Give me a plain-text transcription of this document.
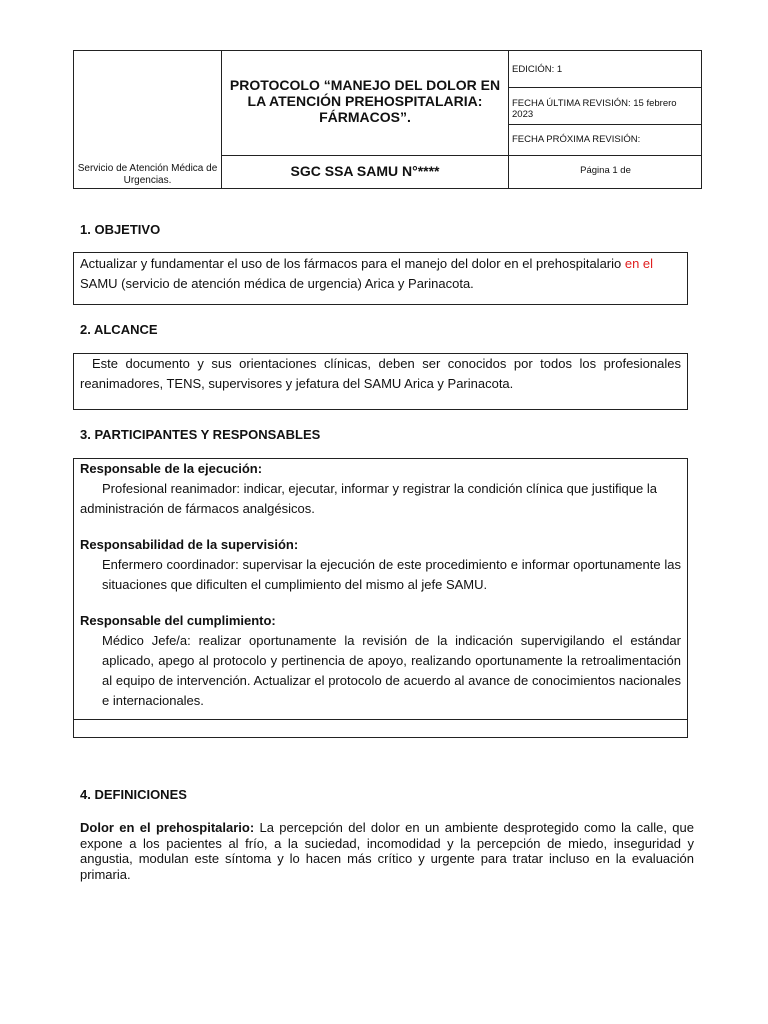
Servicio de Atención Médica de Urgencias.
PROTOCOLO “MANEJO DEL DOLOR EN LA ATENCIÓN PREHOSPITALARIA: FÁRMACOS”.
SGC SSA SAMU N°****
EDICIÓN: 1
FECHA ÚLTIMA REVISIÓN: 15 febrero 2023
FECHA PRÓXIMA REVISIÓN:
Página 1 de
1. OBJETIVO
Actualizar y fundamentar el uso de los fármacos para el manejo del dolor en el prehospitalario en el SAMU (servicio de atención médica de urgencia) Arica y Parinacota.
2. ALCANCE
Este documento y sus orientaciones clínicas, deben ser conocidos por todos los profesionales reanimadores, TENS, supervisores y jefatura del SAMU Arica y Parinacota.
3. PARTICIPANTES Y RESPONSABLES
Responsable de la ejecución:
Profesional reanimador: indicar, ejecutar, informar y registrar la condición clínica que justifique la administración de fármacos analgésicos.
Responsabilidad de la supervisión:
Enfermero coordinador: supervisar la ejecución de este procedimiento e informar oportunamente las situaciones que dificulten el cumplimiento del mismo al jefe SAMU.
Responsable del cumplimiento:
Médico Jefe/a: realizar oportunamente la revisión de la indicación supervigilando el estándar aplicado, apego al protocolo y pertinencia de apoyo, realizando oportunamente la retroalimentación al equipo de intervención. Actualizar el protocolo de acuerdo al avance de conocimientos nacionales e internacionales.
4. DEFINICIONES
Dolor en el prehospitalario: La percepción del dolor en un ambiente desprotegido como la calle, que expone a los pacientes al frío, a la suciedad, incomodidad y la percepción de miedo, inseguridad y angustia, modulan este síntoma y lo hacen más crítico y urgente para tratar incluso en la evaluación primaria.
